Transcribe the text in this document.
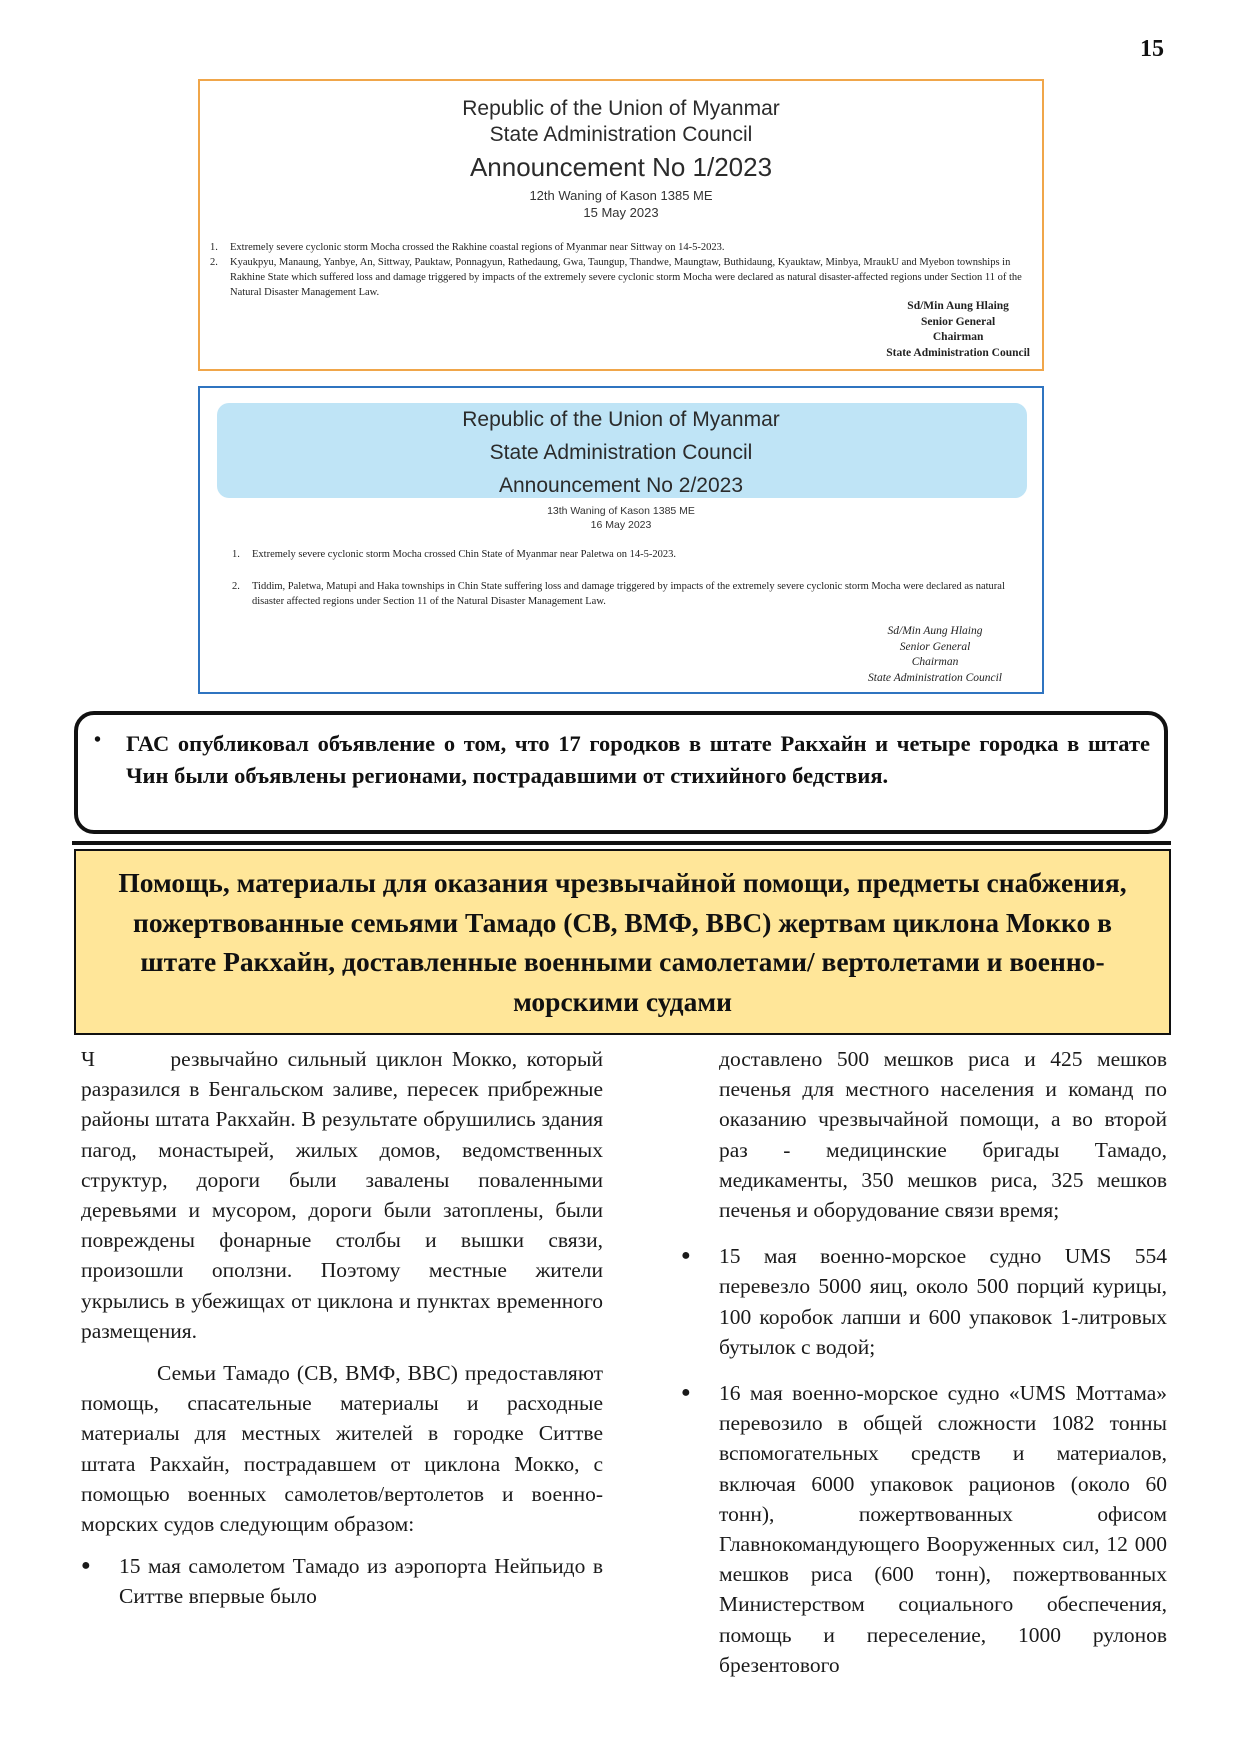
15
Republic of the Union of Myanmar
State Administration Council
Announcement No 1/2023
12th Waning of Kason 1385 ME
15 May 2023
1.	Extremely severe cyclonic storm Mocha crossed the Rakhine coastal regions of Myanmar near Sittway on 14-5-2023.
2.	Kyaukpyu, Manaung, Yanbye, An, Sittway, Pauktaw, Ponnagyun, Rathedaung, Gwa, Taungup, Thandwe, Maungtaw, Buthidaung, Kyauktaw, Minbya, MraukU and Myebon townships in Rakhine State which suffered loss and damage triggered by impacts of the extremely severe cyclonic storm Mocha were declared as natural disaster-affected regions under Section 11 of the Natural Disaster Management Law.
Sd/Min Aung Hlaing
Senior General
Chairman
State Administration Council
Republic of the Union of Myanmar
State Administration Council
Announcement No 2/2023
13th Waning of Kason 1385 ME
16 May 2023
1.	Extremely severe cyclonic storm Mocha crossed Chin State of Myanmar near Paletwa on 14-5-2023.
2.	Tiddim, Paletwa, Matupi and Haka townships in Chin State suffering loss and damage triggered by impacts of the extremely severe cyclonic storm Mocha were declared as natural disaster affected regions under Section 11 of the Natural Disaster Management Law.
Sd/Min Aung Hlaing
Senior General
Chairman
State Administration Council
• ГАС опубликовал объявление о том, что 17 городков в штате Ракхайн и четыре городка в штате Чин были объявлены регионами, пострадавшими от стихийного бедствия.
Помощь, материалы для оказания чрезвычайной помощи, предметы снабжения, пожертвованные семьями Тамадо (СВ, ВМФ, ВВС) жертвам циклона Мокко в штате Ракхайн, доставленные военными самолетами/ вертолетами и военно-морскими судами

Ч        резвычайно сильный циклон Мокко, который разразился в Бенгальском заливе, пересек прибрежные районы штата Ракхайн. В результате обрушились здания пагод, монастырей, жилых домов, ведомственных структур, дороги были завалены поваленными деревьями и мусором, дороги были затоплены, были повреждены фонарные столбы и вышки связи, произошли оползни. Поэтому местные жители укрылись в убежищах от циклона и пунктах временного размещения.

Семьи Тамадо (СВ, ВМФ, ВВС) предоставляют помощь, спасательные материалы и расходные материалы для местных жителей в городке Ситтве штата Ракхайн, пострадавшем от циклона Мокко, с помощью военных самолетов/вертолетов и военно-морских судов следующим образом:

● 15 мая самолетом Тамадо из аэропорта Нейпьидо в Ситтве впервые было

доставлено 500 мешков риса и 425 мешков печенья для местного населения и команд по оказанию чрезвычайной помощи, а во второй раз - медицинские бригады Тамадо, медикаменты, 350 мешков риса, 325 мешков печенья и оборудование связи время;

● 15 мая военно-морское судно UMS 554 перевезло 5000 яиц, около 500 порций курицы, 100 коробок лапши и 600 упаковок 1-литровых бутылок с водой;

● 16 мая военно-морское судно «UMS Моттама» перевозило в общей сложности 1082 тонны вспомогательных средств и материалов, включая 6000 упаковок рационов (около 60 тонн), пожертвованных офисом Главнокомандующего Вооруженных сил, 12 000 мешков риса (600 тонн), пожертвованных Министерством социального обеспечения, помощь и переселение, 1000 рулонов брезентового
